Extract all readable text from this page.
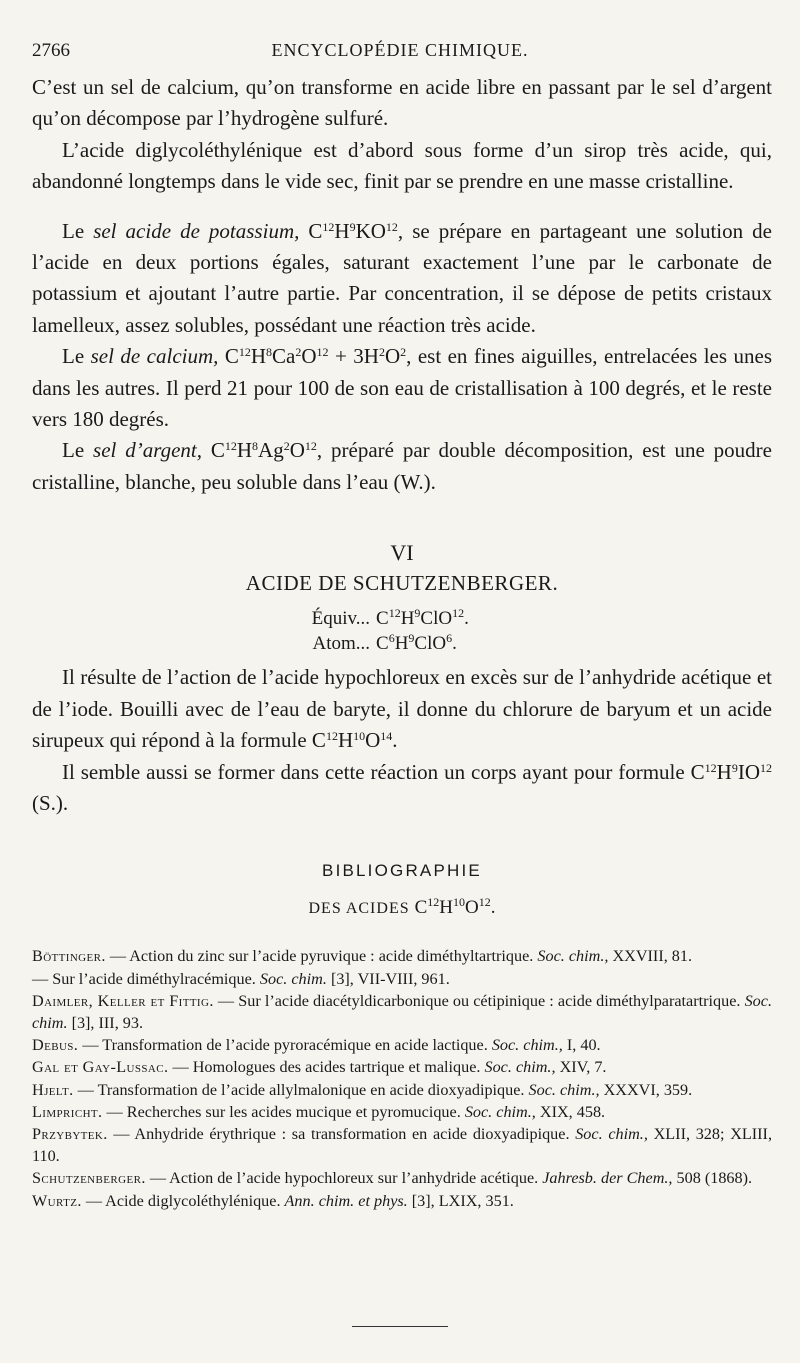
2766	ENCYCLOPÉDIE CHIMIQUE.

C’est un sel de calcium, qu’on transforme en acide libre en passant par le sel d’argent qu’on décompose par l’hydrogène sulfuré.

L’acide diglycoléthylénique est d’abord sous forme d’un sirop très acide, qui, abandonné longtemps dans le vide sec, finit par se prendre en une masse cristalline.

Le sel acide de potassium, $C^{12}H^9KO^{12}$, se prépare en partageant une solution de l’acide en deux portions égales, saturant exactement l’une par le carbonate de potassium et ajoutant l’autre partie. Par concentration, il se dépose de petits cristaux lamelleux, assez solubles, possédant une réaction très acide.

Le sel de calcium, $C^{12}H^8Ca^2O^{12} + 3H^2O^2$, est en fines aiguilles, entrelacées les unes dans les autres. Il perd 21 pour 100 de son eau de cristallisation à 100 degrés, et le reste vers 180 degrés.

Le sel d’argent, $C^{12}H^8Ag^2O^{12}$, préparé par double décomposition, est une poudre cristalline, blanche, peu soluble dans l’eau (W.).

VI
ACIDE DE SCHUTZENBERGER.
Équiv... $C^{12}H^9ClO^{12}$.
Atom... $C^6H^9ClO^6$.

Il résulte de l’action de l’acide hypochloreux en excès sur de l’anhydride acétique et de l’iode. Bouilli avec de l’eau de baryte, il donne du chlorure de baryum et un acide sirupeux qui répond à la formule $C^{12}H^{10}O^{14}$.

Il semble aussi se former dans cette réaction un corps ayant pour formule $C^{12}H^9IO^{12}$ (S.).

BIBLIOGRAPHIE
DES ACIDES $C^{12}H^{10}O^{12}$.
Böttinger. — Action du zinc sur l’acide pyruvique : acide diméthyltartrique. Soc. chim., XXVIII, 81.
— Sur l’acide diméthylracémique. Soc. chim. [3], VII-VIII, 961.
Daimler, Keller et Fittig. — Sur l’acide diacétyldicarbonique ou cétipinique : acide diméthylparatartrique. Soc. chim. [3], III, 93.
Debus. — Transformation de l’acide pyroracémique en acide lactique. Soc. chim., I, 40.
Gal et Gay-Lussac. — Homologues des acides tartrique et malique. Soc. chim., XIV, 7.
Hjelt. — Transformation de l’acide allylmalonique en acide dioxyadipique. Soc. chim., XXXVI, 359.
Limpricht. — Recherches sur les acides mucique et pyromucique. Soc. chim., XIX, 458.
Przybytek. — Anhydride érythrique : sa transformation en acide dioxyadipique. Soc. chim., XLII, 328; XLIII, 110.
Schutzenberger. — Action de l’acide hypochloreux sur l’anhydride acétique. Jahresb. der Chem., 508 (1868).
Wurtz. — Acide diglycoléthylénique. Ann. chim. et phys. [3], LXIX, 351.
